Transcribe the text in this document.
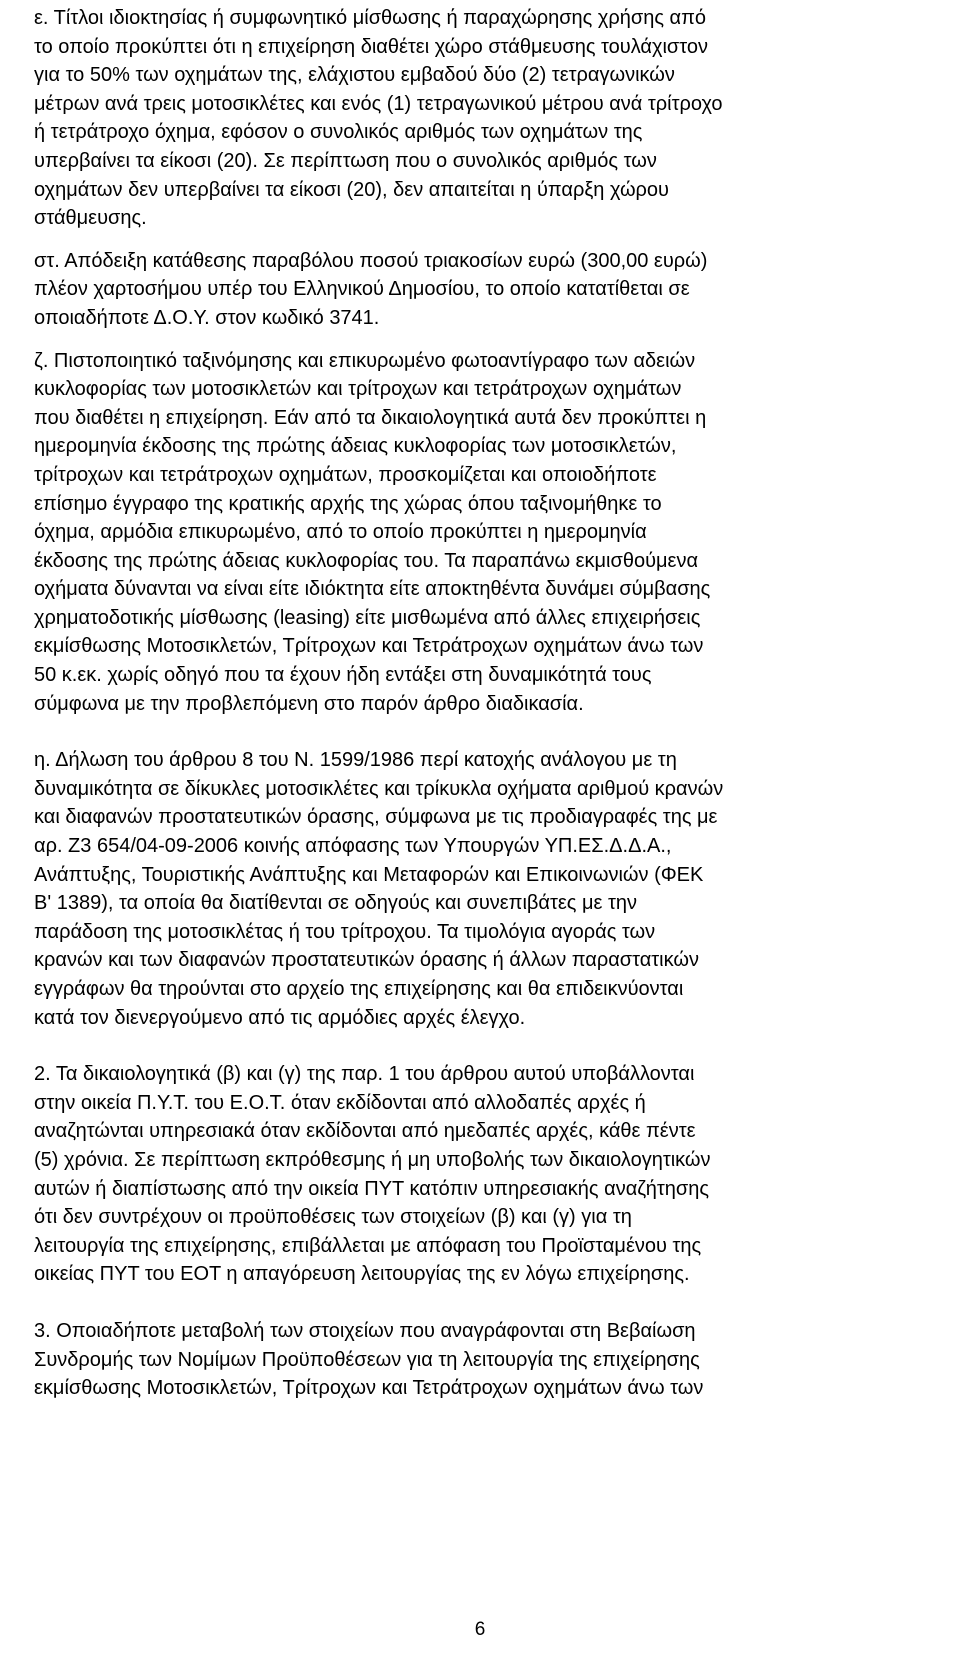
ε. Τίτλοι ιδιοκτησίας ή συμφωνητικό μίσθωσης ή παραχώρησης χρήσης από
το οποίο προκύπτει ότι η επιχείρηση διαθέτει χώρο στάθμευσης τουλάχιστον
για το 50% των οχημάτων της, ελάχιστου εμβαδού δύο (2) τετραγωνικών
μέτρων ανά τρεις μοτοσικλέτες και ενός (1) τετραγωνικού μέτρου ανά τρίτροχο
ή τετράτροχο όχημα, εφόσον ο συνολικός αριθμός των οχημάτων της
υπερβαίνει τα είκοσι (20). Σε περίπτωση που ο συνολικός αριθμός των
οχημάτων δεν υπερβαίνει τα είκοσι (20), δεν απαιτείται η ύπαρξη χώρου
στάθμευσης.

στ. Απόδειξη κατάθεσης παραβόλου ποσού τριακοσίων ευρώ (300,00 ευρώ)
πλέον χαρτοσήμου υπέρ του Ελληνικού Δημοσίου, το οποίο κατατίθεται σε
οποιαδήποτε Δ.Ο.Υ. στον κωδικό 3741.

ζ. Πιστοποιητικό ταξινόμησης και επικυρωμένο φωτοαντίγραφο των αδειών
κυκλοφορίας των μοτοσικλετών και τρίτροχων και τετράτροχων οχημάτων
που διαθέτει η επιχείρηση. Εάν από τα δικαιολογητικά αυτά δεν προκύπτει η
ημερομηνία έκδοσης της πρώτης άδειας κυκλοφορίας των μοτοσικλετών,
τρίτροχων και τετράτροχων οχημάτων, προσκομίζεται και οποιοδήποτε
επίσημο έγγραφο της κρατικής αρχής της χώρας όπου ταξινομήθηκε το
όχημα, αρμόδια επικυρωμένο, από το οποίο προκύπτει η ημερομηνία
έκδοσης της πρώτης άδειας κυκλοφορίας του. Τα παραπάνω εκμισθούμενα
οχήματα δύνανται να είναι είτε ιδιόκτητα είτε αποκτηθέντα δυνάμει σύμβασης
χρηματοδοτικής μίσθωσης (leasing) είτε μισθωμένα από άλλες επιχειρήσεις
εκμίσθωσης Μοτοσικλετών, Τρίτροχων και Τετράτροχων οχημάτων άνω των
50 κ.εκ. χωρίς οδηγό που τα έχουν ήδη εντάξει στη δυναμικότητά τους
σύμφωνα με την προβλεπόμενη στο παρόν άρθρο διαδικασία.

η. Δήλωση του άρθρου 8 του Ν. 1599/1986 περί κατοχής ανάλογου με τη
δυναμικότητα σε δίκυκλες μοτοσικλέτες και τρίκυκλα οχήματα αριθμού κρανών
και διαφανών προστατευτικών όρασης, σύμφωνα με τις προδιαγραφές της με
αρ. Ζ3 654/04-09-2006 κοινής απόφασης των Υπουργών ΥΠ.ΕΣ.Δ.Δ.Α.,
Ανάπτυξης, Τουριστικής Ανάπτυξης και Μεταφορών και Επικοινωνιών (ΦΕΚ
Β' 1389), τα οποία θα διατίθενται σε οδηγούς και συνεπιβάτες με την
παράδοση της μοτοσικλέτας ή του τρίτροχου. Τα τιμολόγια αγοράς των
κρανών και των διαφανών προστατευτικών όρασης ή άλλων παραστατικών
εγγράφων θα τηρούνται στο αρχείο της επιχείρησης και θα επιδεικνύονται
κατά τον διενεργούμενο από τις αρμόδιες αρχές έλεγχο.

2. Τα δικαιολογητικά (β) και (γ) της παρ. 1 του άρθρου αυτού υποβάλλονται
στην οικεία Π.Υ.Τ. του Ε.Ο.Τ. όταν εκδίδονται από αλλοδαπές αρχές ή
αναζητώνται υπηρεσιακά όταν εκδίδονται από ημεδαπές αρχές, κάθε πέντε
(5) χρόνια. Σε περίπτωση εκπρόθεσμης ή μη υποβολής των δικαιολογητικών
αυτών ή διαπίστωσης από την οικεία ΠΥΤ κατόπιν υπηρεσιακής αναζήτησης
ότι δεν συντρέχουν οι προϋποθέσεις των στοιχείων (β) και (γ) για τη
λειτουργία της επιχείρησης, επιβάλλεται με απόφαση του Προϊσταμένου της
οικείας ΠΥΤ του ΕΟΤ η απαγόρευση λειτουργίας της εν λόγω επιχείρησης.

3. Οποιαδήποτε μεταβολή των στοιχείων που αναγράφονται στη Βεβαίωση
Συνδρομής των Νομίμων Προϋποθέσεων για τη λειτουργία της επιχείρησης
εκμίσθωσης Μοτοσικλετών, Τρίτροχων και Τετράτροχων οχημάτων άνω των

6
